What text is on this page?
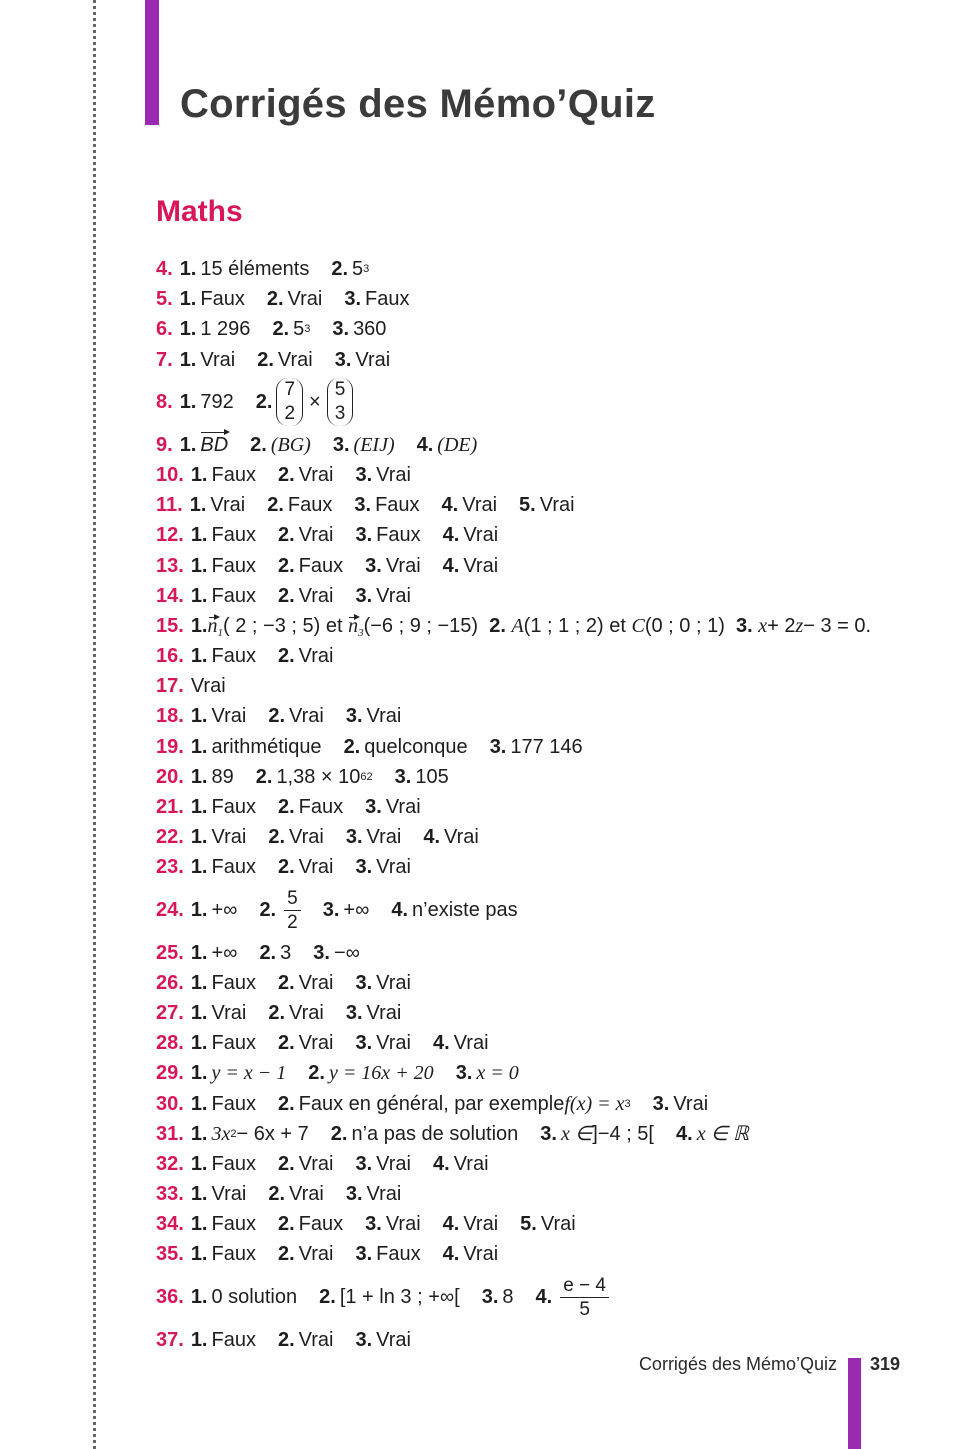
Corrigés des Mémo’Quiz
Maths
4. 1. 15 éléments 2. 5 3
5. 1. Faux 2. Vrai 3. Faux
6. 1. 1 296 2. 5 3 3. 360
7. 1. Vrai 2. Vrai 3. Vrai
8. 1. 792 2.
7
2
×
5
3
9. 1. BD 2. (BG) 3. (EIJ) 4. (DE)
10. 1. Faux 2. Vrai 3. Vrai
11. 1. Vrai 2. Faux 3. Faux 4. Vrai 5. Vrai
12. 1. Faux 2. Vrai 3. Faux 4. Vrai
13. 1. Faux 2. Faux 3. Vrai 4. Vrai
14. 1. Faux 2. Vrai 3. Vrai
15. 1. $n_1$ ( 2 ; −3 ; 5) et $n_3$ (−6 ; 9 ; −15) 2. A (1 ; 1 ; 2) et C (0 ; 0 ; 1) 3. x + 2 z − 3 = 0.
16. 1. Faux 2. Vrai
17. Vrai
18. 1. Vrai 2. Vrai 3. Vrai
19. 1. arithmétique 2. quelconque 3. 177 146
20. 1. 89 2. 1,38 × 10 62 3. 105
21. 1. Faux 2. Faux 3. Vrai
22. 1. Vrai 2. Vrai 3. Vrai 4. Vrai
23. 1. Faux 2. Vrai 3. Vrai
24. 1. +∞ 2. $\frac{5}{2} 3$. +∞ 4. n’existe pas
25. 1. +∞ 2. 3 3. −∞
26. 1. Faux 2. Vrai 3. Vrai
27. 1. Vrai 2. Vrai 3. Vrai
28. 1. Faux 2. Vrai 3. Vrai 4. Vrai
29. 1. y = x − 1 2. y = 16x + 20 3. x = 0
30. 1. Faux 2. Faux en général, par exemple f(x) = x 3 3. Vrai
31. 1. 3x 2 − 6x + 7 2. n’a pas de solution 3. x ∈ ]−4 ; 5[ 4. x ∈ ℝ
32. 1. Faux 2. Vrai 3. Vrai 4. Vrai
33. 1. Vrai 2. Vrai 3. Vrai
34. 1. Faux 2. Faux 3. Vrai 4. Vrai 5. Vrai
35. 1. Faux 2. Vrai 3. Faux 4. Vrai
36. 1. 0 solution 2. [1 + ln 3 ; +∞[ 3. 8 4. $\frac{e - 4}{5}$
37. 1. Faux 2. Vrai 3. Vrai
Corrigés des Mémo’Quiz 319
